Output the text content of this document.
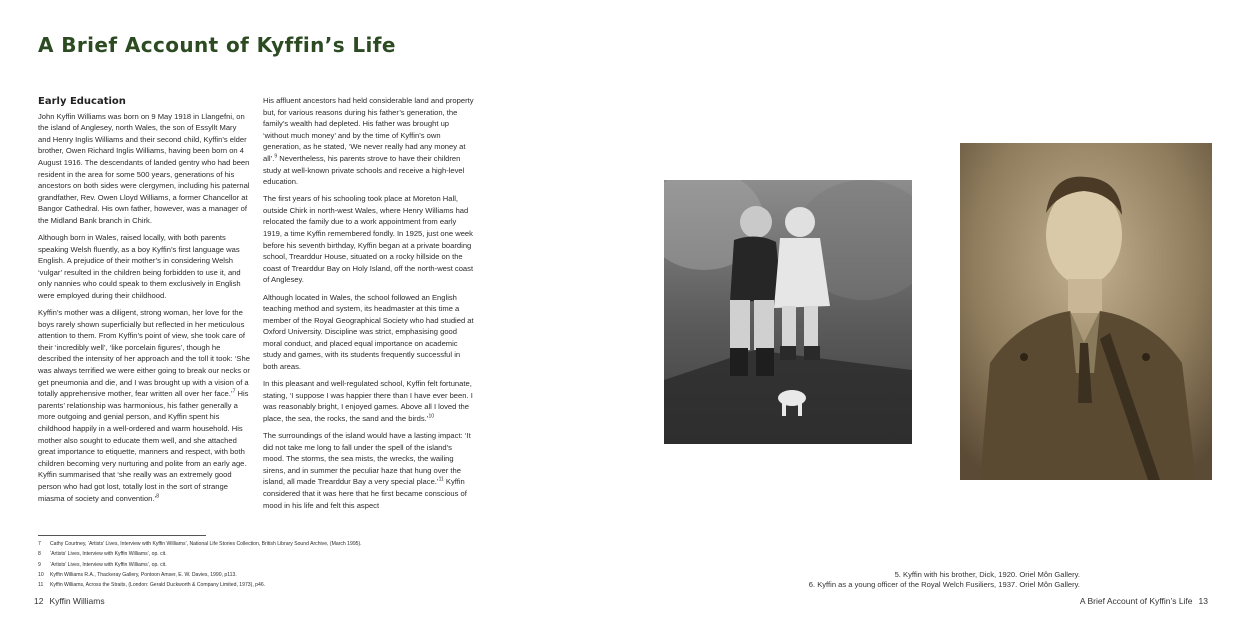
A Brief Account of Kyffin’s Life
Early Education

John Kyffin Williams was born on 9 May 1918 in Llangefni, on the island of Anglesey, north Wales, the son of Essyllt Mary and Henry Inglis Williams and their second child, Kyffin’s elder brother, Owen Richard Inglis Williams, having been born on 4 August 1916. The descendants of landed gentry who had been resident in the area for some 500 years, generations of his ancestors on both sides were clergymen, including his paternal grandfather, Rev. Owen Lloyd Williams, a former Chancellor at Bangor Cathedral. His own father, however, was a manager of the Midland Bank branch in Chirk.

Although born in Wales, raised locally, with both parents speaking Welsh fluently, as a boy Kyffin’s first language was English. A prejudice of their mother’s in considering Welsh ‘vulgar’ resulted in the children being forbidden to use it, and only nannies who could speak to them exclusively in English were employed during their childhood.

Kyffin’s mother was a diligent, strong woman, her love for the boys rarely shown superficially but reflected in her meticulous attention to them. From Kyffin’s point of view, she took care of their ‘incredibly well’, ‘like porcelain figures’, though he described the intensity of her approach and the toll it took: ‘She was always terrified we were either going to break our necks or get pneumonia and die, and I was brought up with a vision of a totally apprehensive mother, fear written all over her face.’$^7$ His parents’ relationship was harmonious, his father generally a more outgoing and genial person, and Kyffin spent his childhood happily in a well-ordered and warm household. His mother also sought to educate them well, and she attached great importance to etiquette, manners and respect, with both children becoming very nurturing and polite from an early age. Kyffin summarised that ‘she really was an extremely good person who had got lost, totally lost in the sort of strange miasma of society and convention.’$^8$

His affluent ancestors had held considerable land and property but, for various reasons during his father’s generation, the family’s wealth had depleted. His father was brought up ‘without much money’ and by the time of Kyffin’s own generation, as he stated, ‘We never really had any money at all’.$^9$ Nevertheless, his parents strove to have their children study at well-known private schools and receive a high-level education.

The first years of his schooling took place at Moreton Hall, outside Chirk in north-west Wales, where Henry Williams had relocated the family due to a work appointment from early 1919, a time Kyffin remembered fondly. In 1925, just one week before his seventh birthday, Kyffin began at a private boarding school, Trearddur House, situated on a rocky hillside on the coast of Trearddur Bay on Holy Island, off the north-west coast of Anglesey.

Although located in Wales, the school followed an English teaching method and system, its headmaster at this time a member of the Royal Geographical Society who had studied at Oxford University. Discipline was strict, emphasising good moral conduct, and placed equal importance on academic study and games, with its students frequently successful in both areas.

In this pleasant and well-regulated school, Kyffin felt fortunate, stating, ‘I suppose I was happier there than I have ever been. I was reasonably bright, I enjoyed games. Above all I loved the place, the sea, the rocks, the sand and the birds.’$^{10}$

The surroundings of the island would have a lasting impact: ‘It did not take me long to fall under the spell of the island’s mood. The storms, the sea mists, the wrecks, the wailing sirens, and in summer the peculiar haze that hung over the island, all made Trearddur Bay a very special place.’$^{11}$ Kyffin considered that it was here that he first became conscious of mood in his life and felt this aspect

7	Cathy Courtney, ‘Artists’ Lives, Interview with Kyffin Williams’, National Life Stories Collection, British Library Sound Archive, (March 1995).
8	‘Artists’ Lives, Interview with Kyffin Williams’, op. cit.
9	‘Artists’ Lives, Interview with Kyffin Williams’, op. cit.
10	Kyffin Williams R.A., Thackeray Gallery, Pontoon Amser, E. W. Davies, 1990, p113.
11	Kyffin Williams, Across the Straits, (London: Gerald Duckworth & Company Limited, 1973), p46.
12 Kyffin Williams	A Brief Account of Kyffin’s Life 13
5. Kyffin with his brother, Dick, 1920. Oriel Môn Gallery.
6. Kyffin as a young officer of the Royal Welch Fusiliers, 1937. Oriel Môn Gallery.
